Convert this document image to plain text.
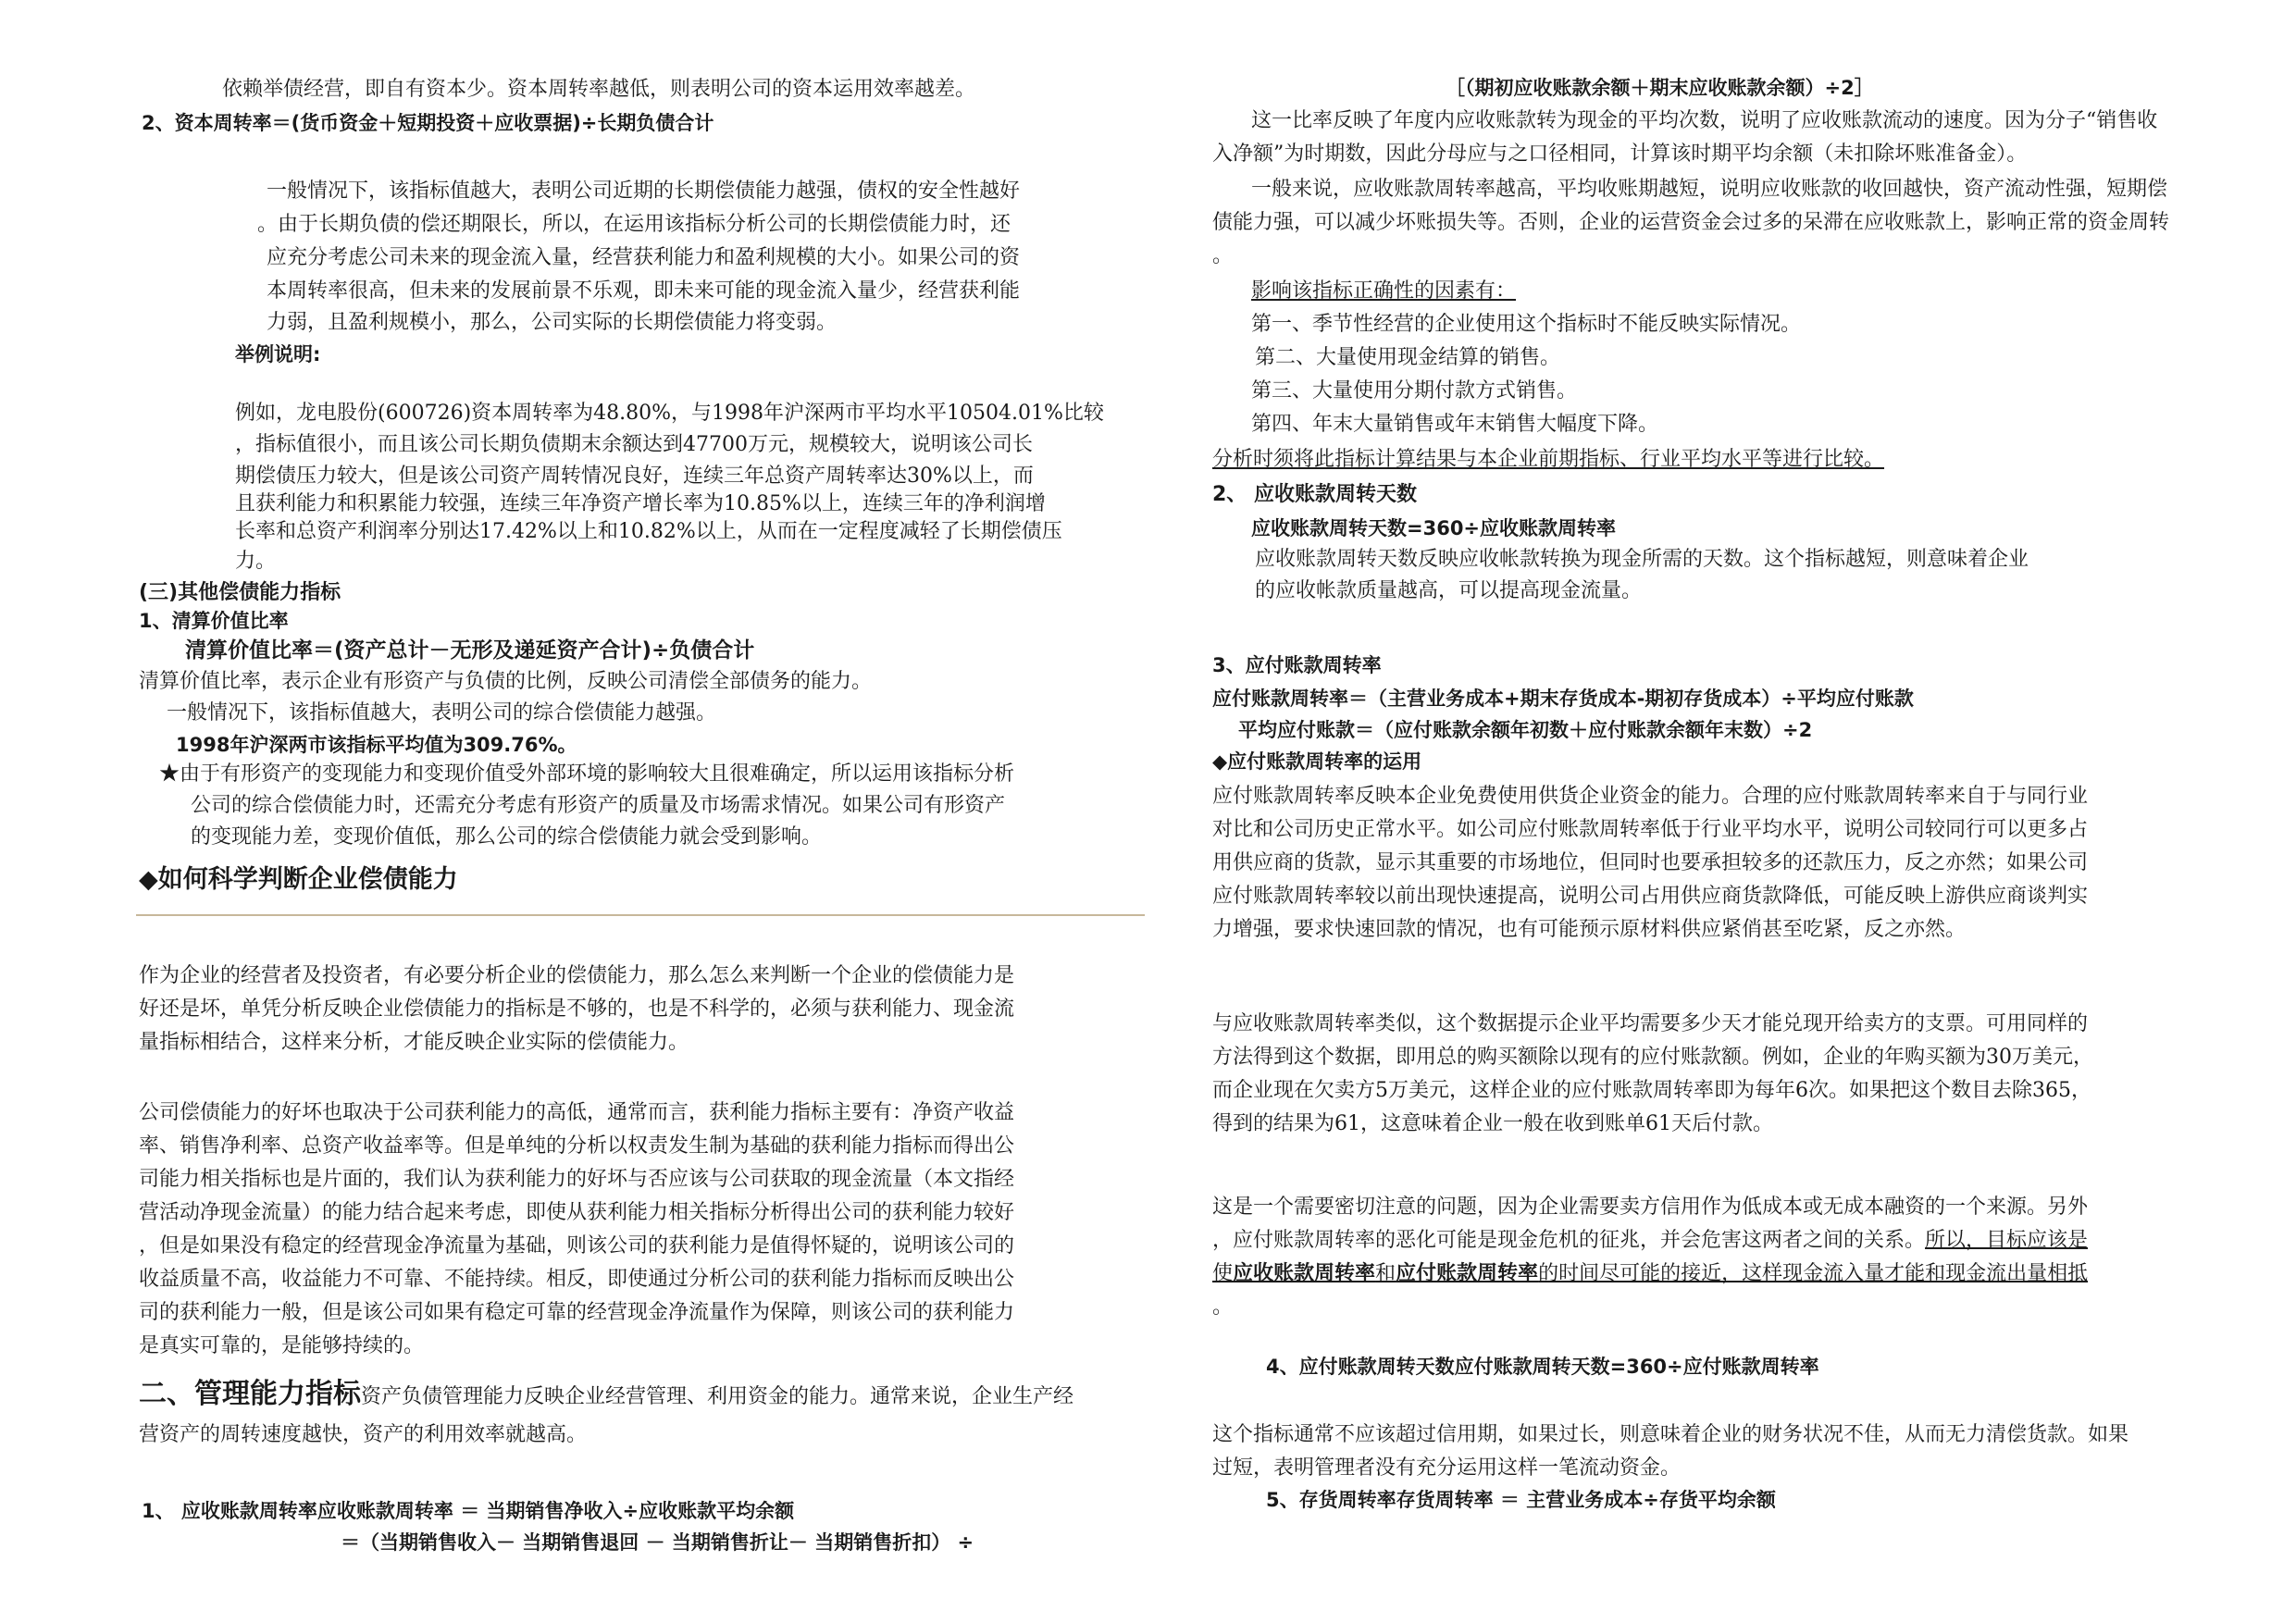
依赖举债经营，即自有资本少。资本周转率越低，则表明公司的资本运用效率越差。
2、资本周转率＝(货币资金＋短期投资＋应收票据)÷长期负债合计
一般情况下，该指标值越大，表明公司近期的长期偿债能力越强，债权的安全性越好
。由于长期负债的偿还期限长，所以，在运用该指标分析公司的长期偿债能力时，还
应充分考虑公司未来的现金流入量，经营获利能力和盈利规模的大小。如果公司的资
本周转率很高，但未来的发展前景不乐观，即未来可能的现金流入量少，经营获利能
力弱，且盈利规模小，那么，公司实际的长期偿债能力将变弱。
举例说明:
例如，龙电股份(600726)资本周转率为48.80%，与1998年沪深两市平均水平10504.01%比较
，指标值很小，而且该公司长期负债期末余额达到47700万元，规模较大，说明该公司长
期偿债压力较大，但是该公司资产周转情况良好，连续三年总资产周转率达30%以上，而
且获利能力和积累能力较强，连续三年净资产增长率为10.85%以上，连续三年的净利润增
长率和总资产利润率分别达17.42%以上和10.82%以上，从而在一定程度减轻了长期偿债压
力。
(三)其他偿债能力指标
1、清算价值比率
清算价值比率＝(资产总计－无形及递延资产合计)÷负债合计
清算价值比率，表示企业有形资产与负债的比例，反映公司清偿全部债务的能力。
一般情况下，该指标值越大，表明公司的综合偿债能力越强。
1998年沪深两市该指标平均值为309.76%。
★由于有形资产的变现能力和变现价值受外部环境的影响较大且很难确定，所以运用该指标分析
公司的综合偿债能力时，还需充分考虑有形资产的质量及市场需求情况。如果公司有形资产
的变现能力差，变现价值低，那么公司的综合偿债能力就会受到影响。
◆如何科学判断企业偿债能力
作为企业的经营者及投资者，有必要分析企业的偿债能力，那么怎么来判断一个企业的偿债能力是
好还是坏，单凭分析反映企业偿债能力的指标是不够的，也是不科学的，必须与获利能力、现金流
量指标相结合，这样来分析，才能反映企业实际的偿债能力。
公司偿债能力的好坏也取决于公司获利能力的高低，通常而言，获利能力指标主要有：净资产收益
率、销售净利率、总资产收益率等。但是单纯的分析以权责发生制为基础的获利能力指标而得出公
司能力相关指标也是片面的，我们认为获利能力的好坏与否应该与公司获取的现金流量（本文指经
营活动净现金流量）的能力结合起来考虑，即使从获利能力相关指标分析得出公司的获利能力较好
，但是如果没有稳定的经营现金净流量为基础，则该公司的获利能力是值得怀疑的，说明该公司的
收益质量不高，收益能力不可靠、不能持续。相反，即使通过分析公司的获利能力指标而反映出公
司的获利能力一般，但是该公司如果有稳定可靠的经营现金净流量作为保障，则该公司的获利能力
是真实可靠的，是能够持续的。
二、管理能力指标资产负债管理能力反映企业经营管理、利用资金的能力。通常来说，企业生产经
营资产的周转速度越快，资产的利用效率就越高。
1、 应收账款周转率应收账款周转率 ＝ 当期销售净收入÷应收账款平均余额
＝（当期销售收入－ 当期销售退回 － 当期销售折让－ 当期销售折扣） ÷
［（期初应收账款余额＋期末应收账款余额）÷2］
这一比率反映了年度内应收账款转为现金的平均次数，说明了应收账款流动的速度。因为分子“销售收
入净额”为时期数，因此分母应与之口径相同，计算该时期平均余额（未扣除坏账准备金）。
一般来说，应收账款周转率越高，平均收账期越短，说明应收账款的收回越快，资产流动性强，短期偿
债能力强，可以减少坏账损失等。否则，企业的运营资金会过多的呆滞在应收账款上，影响正常的资金周转
。
影响该指标正确性的因素有：
第一、季节性经营的企业使用这个指标时不能反映实际情况。
第二、大量使用现金结算的销售。
第三、大量使用分期付款方式销售。
第四、年末大量销售或年末销售大幅度下降。
分析时须将此指标计算结果与本企业前期指标、行业平均水平等进行比较。
2、 应收账款周转天数
应收账款周转天数=360÷应收账款周转率
应收账款周转天数反映应收帐款转换为现金所需的天数。这个指标越短，则意味着企业
的应收帐款质量越高，可以提高现金流量。
3、应付账款周转率
应付账款周转率＝（主营业务成本+期末存货成本-期初存货成本）÷平均应付账款
平均应付账款＝（应付账款余额年初数＋应付账款余额年末数）÷2
◆应付账款周转率的运用
应付账款周转率反映本企业免费使用供货企业资金的能力。合理的应付账款周转率来自于与同行业
对比和公司历史正常水平。如公司应付账款周转率低于行业平均水平，说明公司较同行可以更多占
用供应商的货款，显示其重要的市场地位，但同时也要承担较多的还款压力，反之亦然；如果公司
应付账款周转率较以前出现快速提高，说明公司占用供应商货款降低，可能反映上游供应商谈判实
力增强，要求快速回款的情况，也有可能预示原材料供应紧俏甚至吃紧，反之亦然。
与应收账款周转率类似，这个数据提示企业平均需要多少天才能兑现开给卖方的支票。可用同样的
方法得到这个数据，即用总的购买额除以现有的应付账款额。例如，企业的年购买额为30万美元，
而企业现在欠卖方5万美元，这样企业的应付账款周转率即为每年6次。如果把这个数目去除365，
得到的结果为61，这意味着企业一般在收到账单61天后付款。
这是一个需要密切注意的问题，因为企业需要卖方信用作为低成本或无成本融资的一个来源。另外
，应付账款周转率的恶化可能是现金危机的征兆，并会危害这两者之间的关系。所以，目标应该是
使应收账款周转率和应付账款周转率的时间尽可能的接近，这样现金流入量才能和现金流出量相抵
。
4、应付账款周转天数应付账款周转天数=360÷应付账款周转率
这个指标通常不应该超过信用期，如果过长，则意味着企业的财务状况不佳，从而无力清偿货款。如果
过短，表明管理者没有充分运用这样一笔流动资金。
5、存货周转率存货周转率 ＝ 主营业务成本÷存货平均余额
